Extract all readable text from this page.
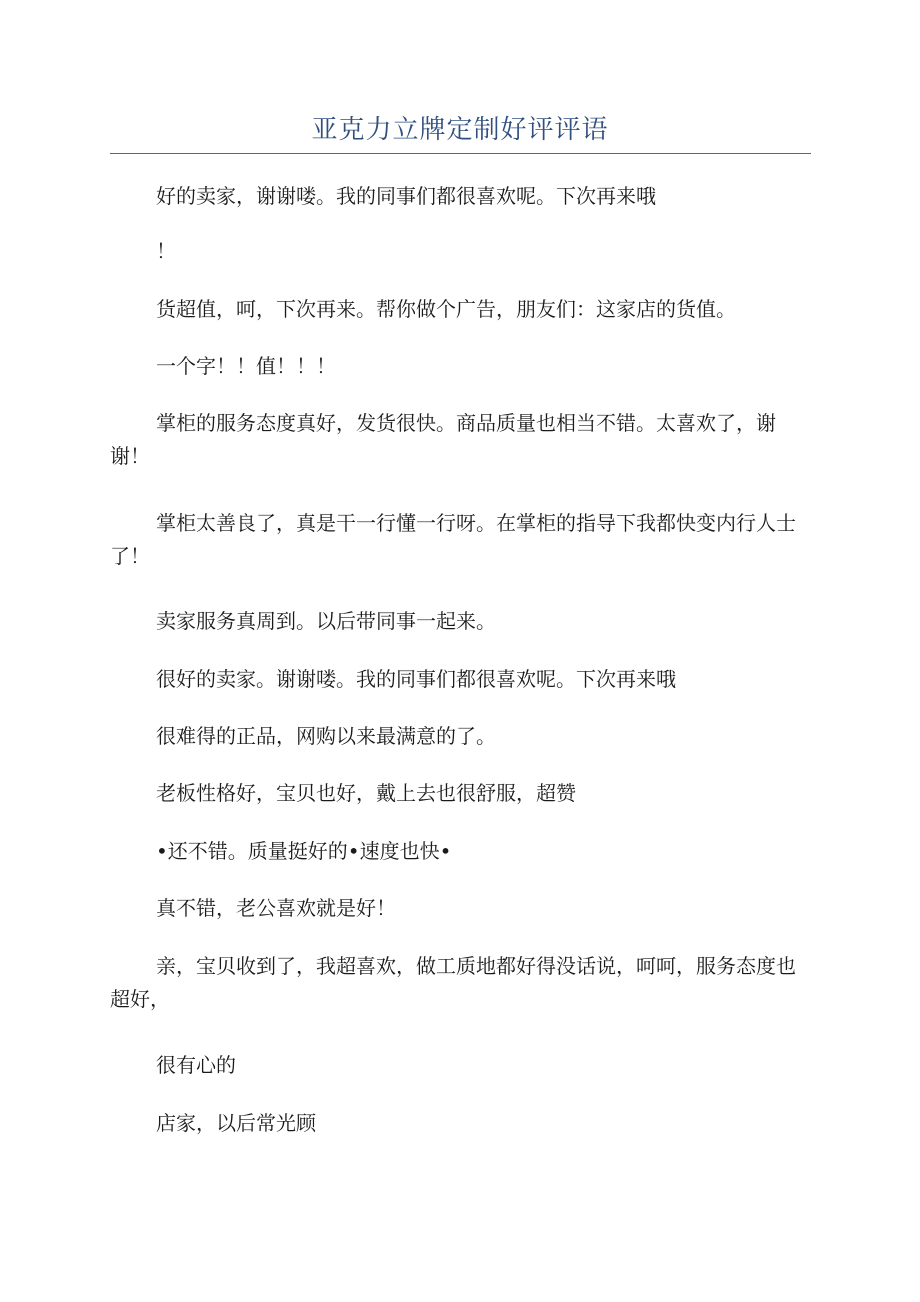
亚克力立牌定制好评评语

好的卖家，谢谢喽。我的同事们都很喜欢呢。下次再来哦

！

货超值，呵，下次再来。帮你做个广告，朋友们：这家店的货值。

一个字！！值！！！

掌柜的服务态度真好，发货很快。商品质量也相当不错。太喜欢了，谢谢！

掌柜太善良了，真是干一行懂一行呀。在掌柜的指导下我都快变内行人士了！

卖家服务真周到。以后带同事一起来。

很好的卖家。谢谢喽。我的同事们都很喜欢呢。下次再来哦

很难得的正品，网购以来最满意的了。

老板性格好，宝贝也好，戴上去也很舒服，超赞

•还不错。质量挺好的•速度也快•

真不错，老公喜欢就是好！

亲，宝贝收到了，我超喜欢，做工质地都好得没话说，呵呵，服务态度也超好，

很有心的

店家，以后常光顾
